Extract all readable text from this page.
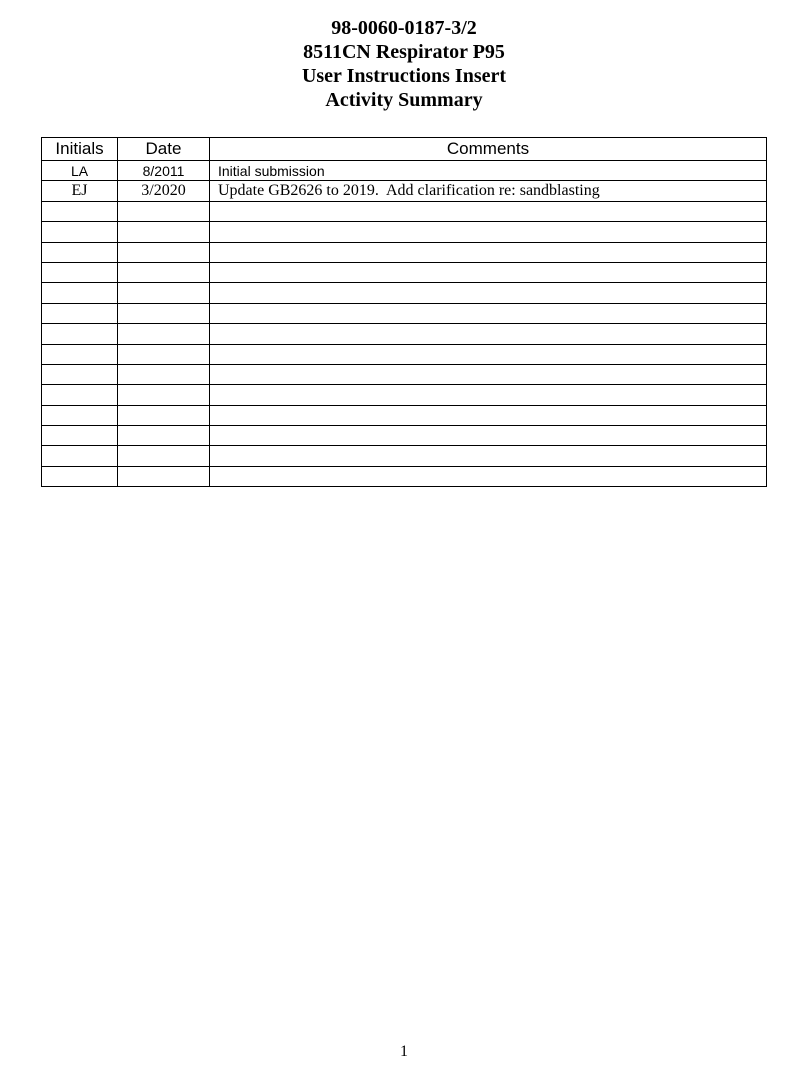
98-0060-0187-3/2
8511CN Respirator P95
User Instructions Insert
Activity Summary
Initials	Date	Comments
LA	8/2011	Initial submission
EJ	3/2020	Update GB2626 to 2019.  Add clarification re: sandblasting

1
